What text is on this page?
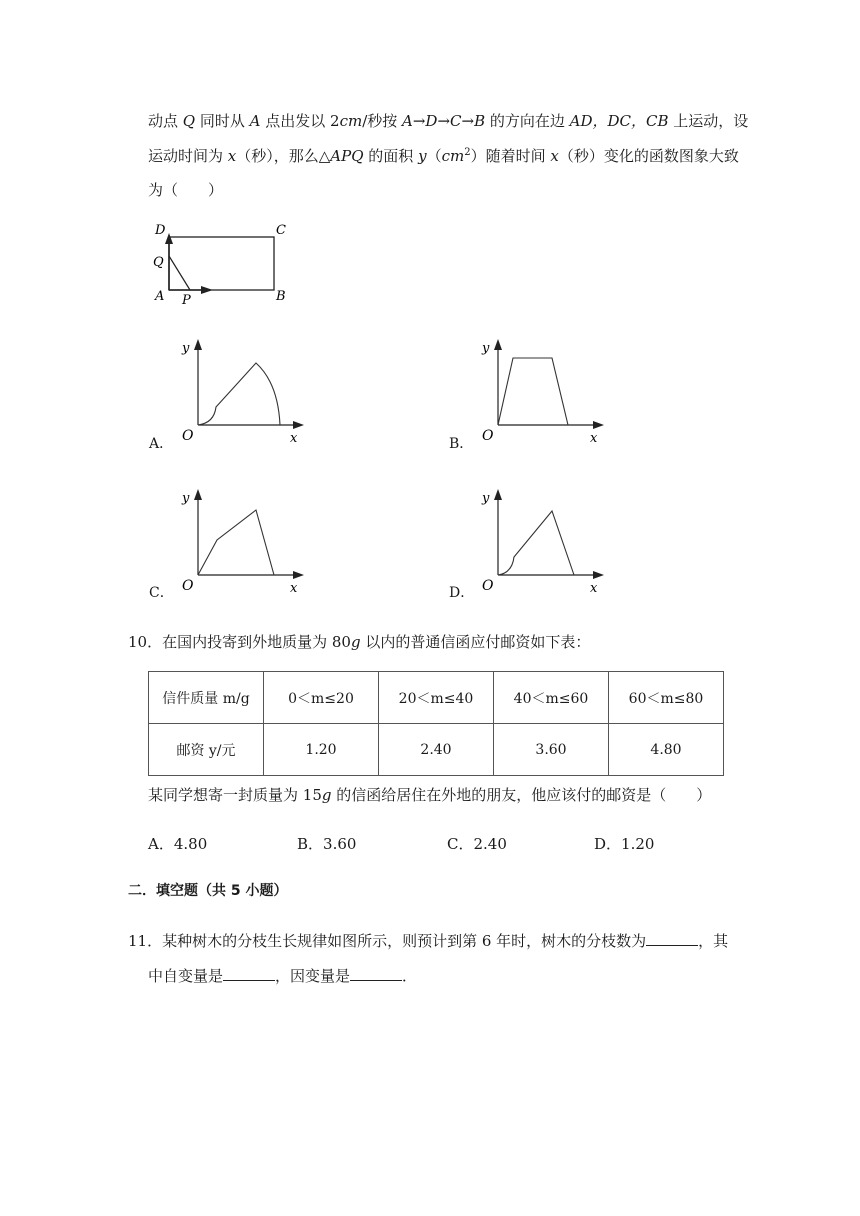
动点 Q 同时从 A 点出发以 2cm/秒按 A→D→C→B 的方向在边 AD，DC，CB 上运动，设
运动时间为 x（秒），那么△APQ 的面积 $y(cm^2)$随着时间 x（秒）变化的函数图象大致
为（　　）
D	C
Q
A P	B
y
O	x
A．
y
O	x
B．
y
O	x
C．
y
O	x
D．
10．在国内投寄到外地质量为 80g 以内的普通信函应付邮资如下表：
信件质量 m/g	0＜m≤20	20＜m≤40	40＜m≤60	60＜m≤80
邮资 y/元	1.20	2.40	3.60	4.80
某同学想寄一封质量为 15g 的信函给居住在外地的朋友，他应该付的邮资是（　　）
A．4.80	B．3.60	C．2.40	D．1.20
二．填空题（共 5 小题）
11．某种树木的分枝生长规律如图所示，则预计到第 6 年时，树木的分枝数为	，其
中自变量是	，因变量是	．
